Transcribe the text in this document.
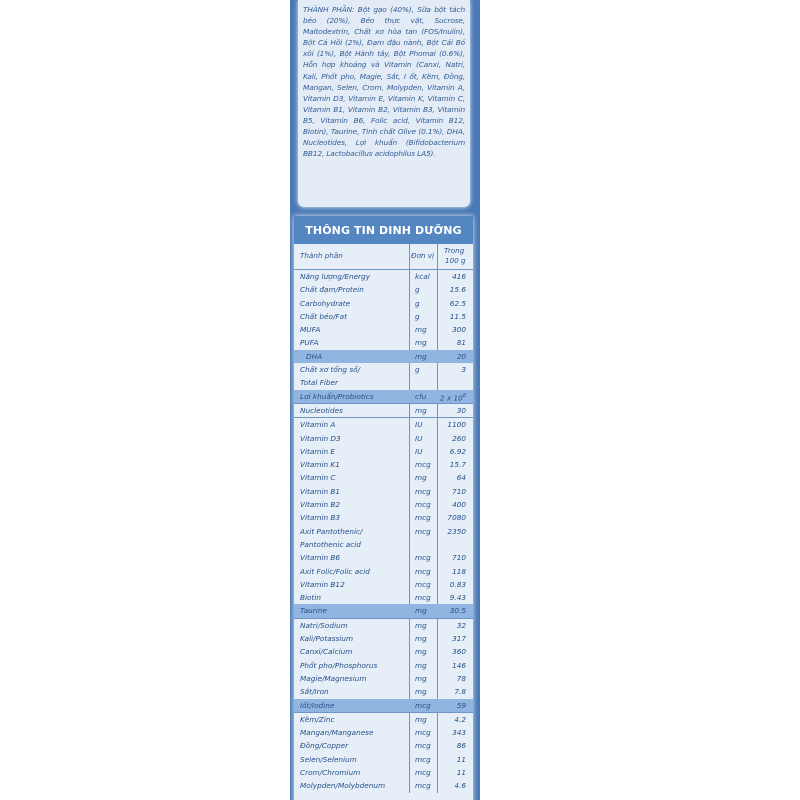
THÀNH PHẦN: Bột gạo (40%), Sữa bột tách béo (20%), Béo thực vật, Sucrose, Maltodextrin, Chất xơ hòa tan (FOS/Inulin), Bột Cá Hồi (2%), Đạm đậu nành, Bột Cải Bó xôi (1%), Bột Hành tây, Bột Phomai (0.6%), Hỗn hợp khoáng và Vitamin (Canxi, Natri, Kali, Phốt pho, Magie, Sắt, I ốt, Kẽm, Đồng, Mangan, Selen, Crom, Molypden, Vitamin A, Vitamin D3, Vitamin E, Vitamin K, Vitamin C, Vitamin B1, Vitamin B2, Vitamin B3, Vitamin B5, Vitamin B6, Folic acid, Vitamin B12, Biotin), Taurine, Tinh chất Olive (0.1%), DHA, Nucleotides, Lợi khuẩn (Bifidobacterium BB12, Lactobacillus acidophilus LA5).
THÔNG TIN DINH DƯỠNG
Thành phần	Đơn vị
Trong
100 g
Năng lượng/Energy	kcal	416
Chất đạm/Protein	g	15.6
Carbohydrate	g	62.5
Chất béo/Fat	g	11.5
MUFA	mg	300
PUFA	mg	81
DHA	mg	20
Chất xơ tổng số/
Total Fiber
g	3
Lợi khuẩn/Probiotics	cfu	2 x $10^8$
Nucleotides	mg	30
Vitamin A	IU	1100
Vitamin D3	IU	260
Vitamin E	IU	6.92
Vitamin K1	mcg	15.7
Vitamin C	mg	64
Vitamin B1	mcg	710
Vitamin B2	mcg	400
Vitamin B3	mcg	7080
Axit Pantothenic/
Pantothenic acid
mcg	2350
Vitamin B6	mcg	710
Axit Folic/Folic acid	mcg	118
Vitamin B12	mcg	0.83
Biotin	mcg	9.43
Taurine	mg	30.5
Natri/Sodium	mg	32
Kali/Potassium	mg	317
Canxi/Calcium	mg	360
Phốt pho/Phosphorus	mg	146
Magie/Magnesium	mg	78
Sắt/Iron	mg	7.8
Iốt/Iodine	mcg	59
Kẽm/Zinc	mg	4.2
Mangan/Manganese	mcg	343
Đồng/Copper	mcg	86
Selen/Selenium	mcg	11
Crom/Chromium	mcg	11
Molypden/Molybdenum	mcg	4.6
